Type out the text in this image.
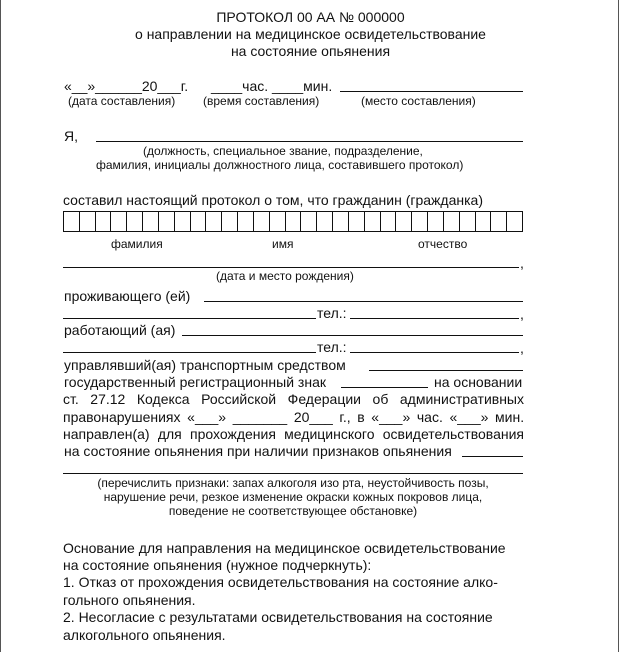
ПРОТОКОЛ 00 АА № 000000
о направлении на медицинское освидетельствование
на состояние опьянения
«__»______20___г. ____час. ____мин.
(дата составления) (время составления)	(место составления)
Я,
(должность, специальное звание, подразделение,
фамилия, инициалы должностного лица, составившего протокол)
составил настоящий протокол о том, что гражданин (гражданка)
фамилия	имя	отчество
,
(дата и место рождения)
проживающего (ей)
тел.:	,
работающий (ая)
тел.:	,
управлявший(ая) транспортным средством
государственный регистрационный знак	на основании
ст. 27.12 Кодекса Российской Федерации об административных
правонарушениях «___» _______ 20___ г., в «___» час. «___» мин.
направлен(а) для прохождения медицинского освидетельствования
на состояние опьянения при наличии признаков опьянения
(перечислить признаки: запах алкоголя изо рта, неустойчивость позы,
нарушение речи, резкое изменение окраски кожных покровов лица,
поведение не соответствующее обстановке)
Основание для направления на медицинское освидетельствование
на состояние опьянения (нужное подчеркнуть):
1. Отказ от прохождения освидетельствования на состояние алко-
гольного опьянения.
2. Несогласие с результатами освидетельствования на состояние
алкогольного опьянения.
